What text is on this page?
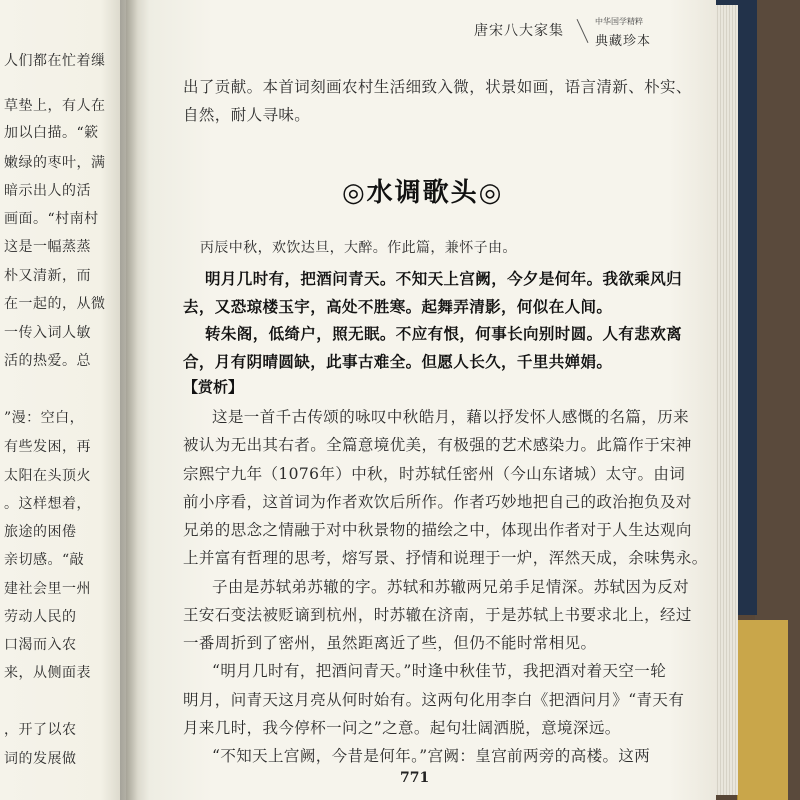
人们都在忙着缫
草垫上，有人在
加以白描。“簌
嫩绿的枣叶，满
暗示出人的活
画面。“村南村
这是一幅蒸蒸
朴又清新，而
在一起的，从微
一传入词人敏
活的热爱。总
”漫：空白，
有些发困，再
太阳在头顶火
。这样想着，
旅途的困倦
亲切感。“敲
建社会里一州
劳动人民的
口渴而入农
来，从侧面表
，开了以农
词的发展做
唐宋八大家集
中华国学精粹
典藏珍本
出了贡献。本首词刻画农村生活细致入微，状景如画，语言清新、朴实、
自然，耐人寻味。
◎水调歌头◎
丙辰中秋，欢饮达旦，大醉。作此篇，兼怀子由。
明月几时有，把酒问青天。不知天上宫阙，今夕是何年。我欲乘风归
去，又恐琼楼玉宇，高处不胜寒。起舞弄清影，何似在人间。
转朱阁，低绮户，照无眠。不应有恨，何事长向别时圆。人有悲欢离
合，月有阴晴圆缺，此事古难全。但愿人长久，千里共婵娟。
【赏析】
这是一首千古传颂的咏叹中秋皓月，藉以抒发怀人感慨的名篇，历来
被认为无出其右者。全篇意境优美，有极强的艺术感染力。此篇作于宋神
宗熙宁九年（1076年）中秋，时苏轼任密州（今山东诸城）太守。由词
前小序看，这首词为作者欢饮后所作。作者巧妙地把自己的政治抱负及对
兄弟的思念之情融于对中秋景物的描绘之中，体现出作者对于人生达观向
上并富有哲理的思考，熔写景、抒情和说理于一炉，浑然天成，余味隽永。
子由是苏轼弟苏辙的字。苏轼和苏辙两兄弟手足情深。苏轼因为反对
王安石变法被贬谪到杭州，时苏辙在济南，于是苏轼上书要求北上，经过
一番周折到了密州，虽然距离近了些，但仍不能时常相见。
“明月几时有，把酒问青天。”时逢中秋佳节，我把酒对着天空一轮
明月，问青天这月亮从何时始有。这两句化用李白《把酒问月》“青天有
月来几时，我今停杯一问之”之意。起句壮阔洒脱，意境深远。
“不知天上宫阙，今昔是何年。”宫阙：皇宫前两旁的高楼。这两
771
